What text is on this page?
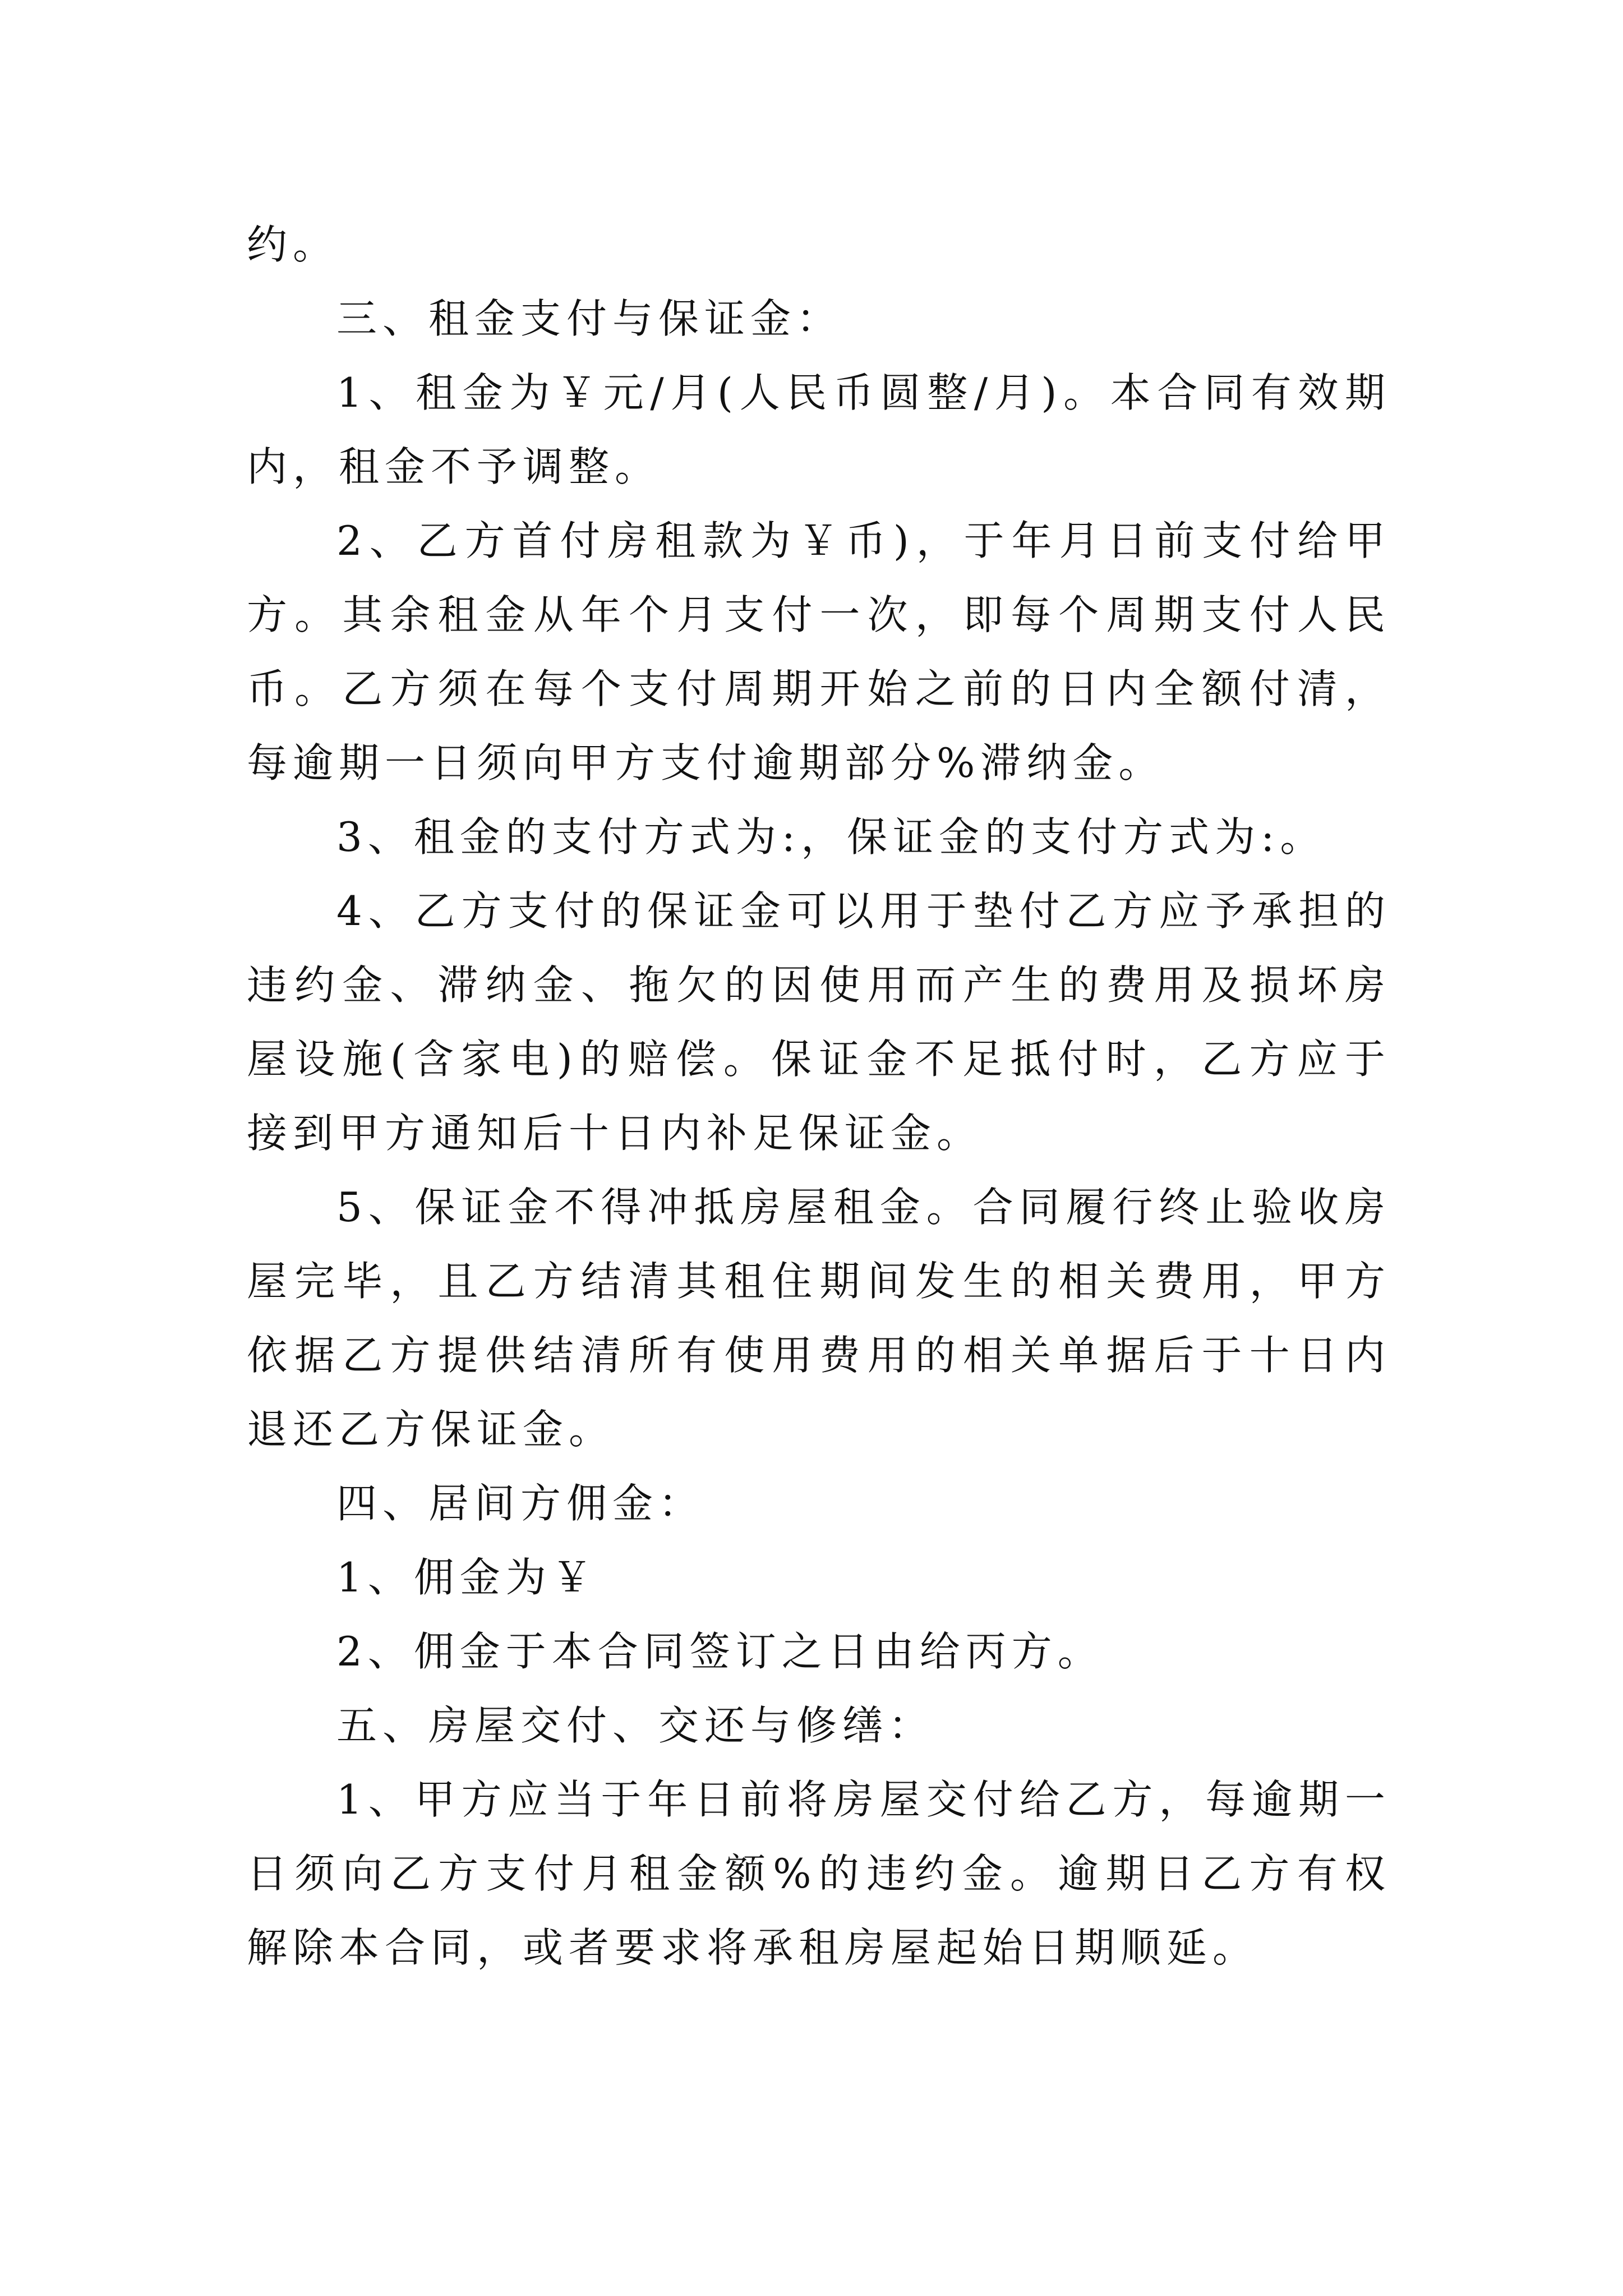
约。

三、租金支付与保证金：

1、租金为￥元/月(人民币圆整/月)。本合同有效期内，租金不予调整。

2、乙方首付房租款为￥币)，于年月日前支付给甲方。其余租金从年个月支付一次，即每个周期支付人民币。乙方须在每个支付周期开始之前的日内全额付清，每逾期一日须向甲方支付逾期部分%滞纳金。

3、租金的支付方式为:，保证金的支付方式为:。

4、乙方支付的保证金可以用于垫付乙方应予承担的违约金、滞纳金、拖欠的因使用而产生的费用及损坏房屋设施(含家电)的赔偿。保证金不足抵付时，乙方应于接到甲方通知后十日内补足保证金。

5、保证金不得冲抵房屋租金。合同履行终止验收房屋完毕，且乙方结清其租住期间发生的相关费用，甲方依据乙方提供结清所有使用费用的相关单据后于十日内退还乙方保证金。

四、居间方佣金：

1、佣金为￥

2、佣金于本合同签订之日由给丙方。

五、房屋交付、交还与修缮：

1、甲方应当于年日前将房屋交付给乙方，每逾期一日须向乙方支付月租金额%的违约金。逾期日乙方有权解除本合同，或者要求将承租房屋起始日期顺延。
